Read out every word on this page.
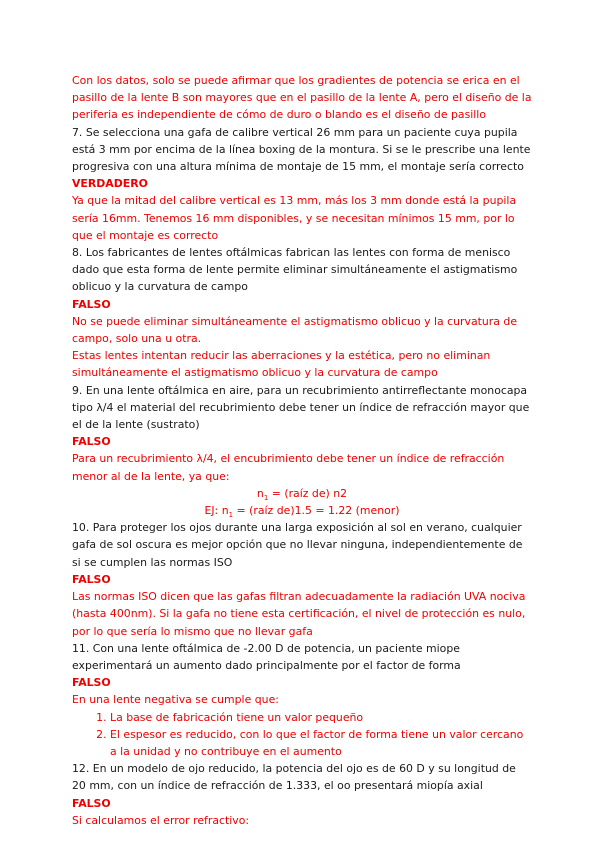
Con los datos, solo se puede afirmar que los gradientes de potencia se erica en el pasillo de la lente B son mayores que en el pasillo de la lente A, pero el diseño de la periferia es independiente de cómo de duro o blando es el diseño de pasillo

7. Se selecciona una gafa de calibre vertical 26 mm para un paciente cuya pupila está 3 mm por encima de la línea boxing de la montura. Si se le prescribe una lente progresiva con una altura mínima de montaje de 15 mm, el montaje sería correcto

VERDADERO

Ya que la mitad del calibre vertical es 13 mm, más los 3 mm donde está la pupila sería 16mm. Tenemos 16 mm disponibles, y se necesitan mínimos 15 mm, por lo que el montaje es correcto

8. Los fabricantes de lentes oftálmicas fabrican las lentes con forma de menisco dado que esta forma de lente permite eliminar simultáneamente el astigmatismo oblicuo y la curvatura de campo

FALSO

No se puede eliminar simultáneamente el astigmatismo oblicuo y la curvatura de campo, solo una u otra.

Estas lentes intentan reducir las aberraciones y la estética, pero no eliminan simultáneamente el astigmatismo oblicuo y la curvatura de campo

9. En una lente oftálmica en aire, para un recubrimiento antirreflectante monocapa tipo λ/4 el material del recubrimiento debe tener un índice de refracción mayor que el de la lente (sustrato)

FALSO

Para un recubrimiento λ/4, el encubrimiento debe tener un índice de refracción menor al de la lente, ya que:

$n_1$ = (raíz de) n2

EJ: $n_1$ = (raíz de)1.5 = 1.22 (menor)

10. Para proteger los ojos durante una larga exposición al sol en verano, cualquier gafa de sol oscura es mejor opción que no llevar ninguna, independientemente de si se cumplen las normas ISO

FALSO

Las normas ISO dicen que las gafas filtran adecuadamente la radiación UVA nociva (hasta 400nm). Si la gafa no tiene esta certificación, el nivel de protección es nulo, por lo que sería lo mismo que no llevar gafa

11. Con una lente oftálmica de -2.00 D de potencia, un paciente miope experimentará un aumento dado principalmente por el factor de forma

FALSO

En una lente negativa se cumple que:

1. La base de fabricación tiene un valor pequeño
2. El espesor es reducido, con lo que el factor de forma tiene un valor cercano a la unidad y no contribuye en el aumento

12. En un modelo de ojo reducido, la potencia del ojo es de 60 D y su longitud de 20 mm, con un índice de refracción de 1.333, el oo presentará miopía axial

FALSO

Si calculamos el error refractivo:
